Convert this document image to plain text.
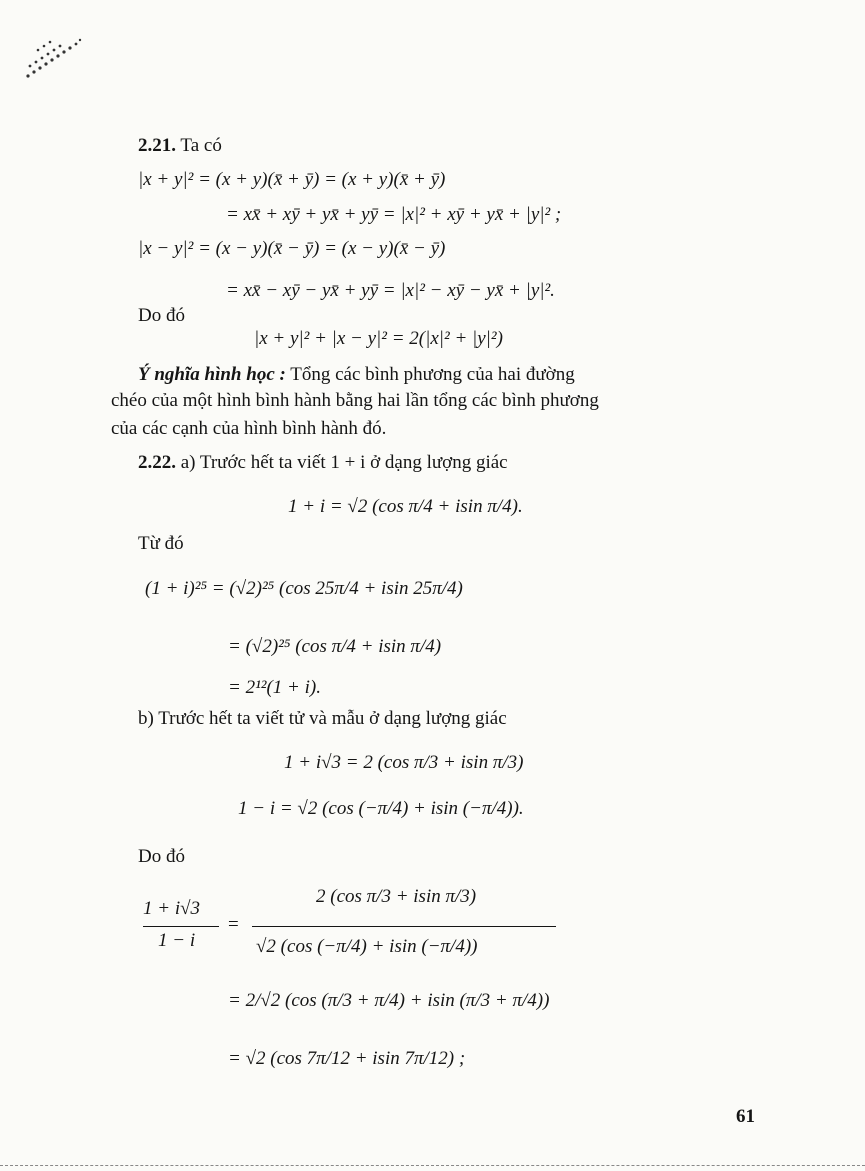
2.21. Ta có
|x + y|² = (x + y)(x̄ + ȳ) = (x + y)(x̄ + ȳ)
= xx̄ + xȳ + yx̄ + yȳ = |x|² + xȳ + yx̄ + |y|² ;
|x − y|² = (x − y)(x̄ − ȳ) = (x − y)(x̄ − ȳ)
= xx̄ − xȳ − yx̄ + yȳ = |x|² − xȳ − yx̄ + |y|².
Do đó
|x + y|² + |x − y|² = 2(|x|² + |y|²)
Ý nghĩa hình học : Tổng các bình phương của hai đường
chéo của một hình bình hành bằng hai lần tổng các bình phương
của các cạnh của hình bình hành đó.
2.22. a) Trước hết ta viết 1 + i ở dạng lượng giác
1 + i = √2 (cos π/4 + isin π/4).
Từ đó
(1 + i)²⁵ = (√2)²⁵ (cos 25π/4 + isin 25π/4)
= (√2)²⁵ (cos π/4 + isin π/4)
= 2¹²(1 + i).
b) Trước hết ta viết tử và mẫu ở dạng lượng giác
1 + i√3 = 2 (cos π/3 + isin π/3)
1 − i = √2 (cos (−π/4) + isin (−π/4)).
Do đó
1 + i√3
1 − i
=
2 (cos π/3 + isin π/3)
√2 (cos (−π/4) + isin (−π/4))
= 2/√2 (cos (π/3 + π/4) + isin (π/3 + π/4))
= √2 (cos 7π/12 + isin 7π/12) ;
61
